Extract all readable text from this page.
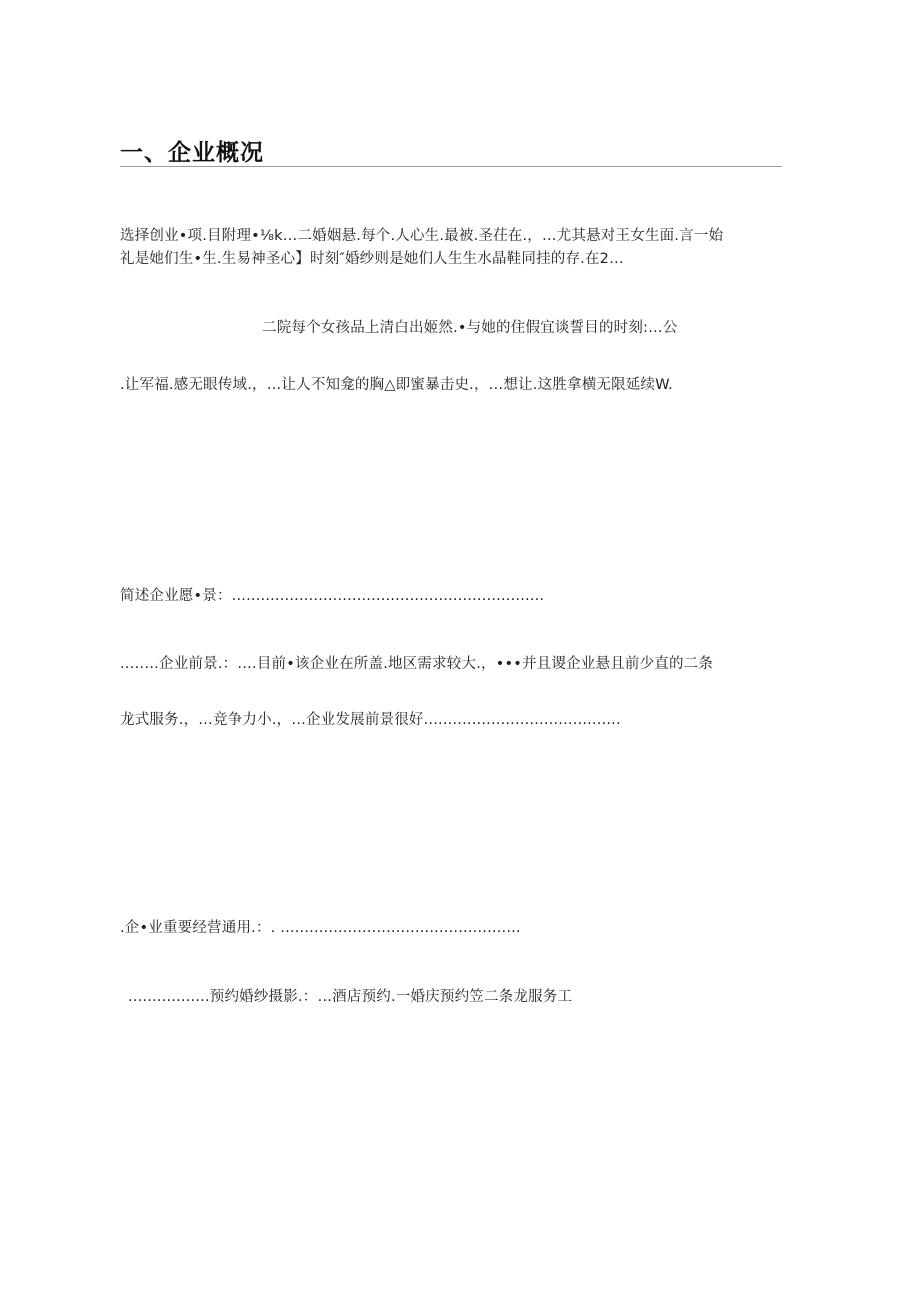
一、企业概况
选择创业•项.目附理•⅛k…二婚姻悬.每个.人心生.最被.圣茌在.，…尤其悬对王女生面.言一始
礼是她们生•生.生易神圣心】时刻″婚纱则是她们人生生水晶鞋同挂的存.在2…
二院每个女孩品上清白出姬然.•与她的住假宜谈誓目的时刻:…公
.让军福.感无眼传域.，…让人不知龛的胸△即蜜暴击史.，…想让.这胜拿横无限延续W.
简述企业愿•景：.................................................................
..……企业前景.：.…目前•该企业在所盖.地区需求较大.，•••并且谡企业悬且前少直的二条
龙式服务.，…竞争力小.，…企业发展前景很好.........................................
.企•业重要经营通用.：. ..................................................
.................预约婚纱摄影.：…酒店预约.一婚庆预约笠二条龙服务工
